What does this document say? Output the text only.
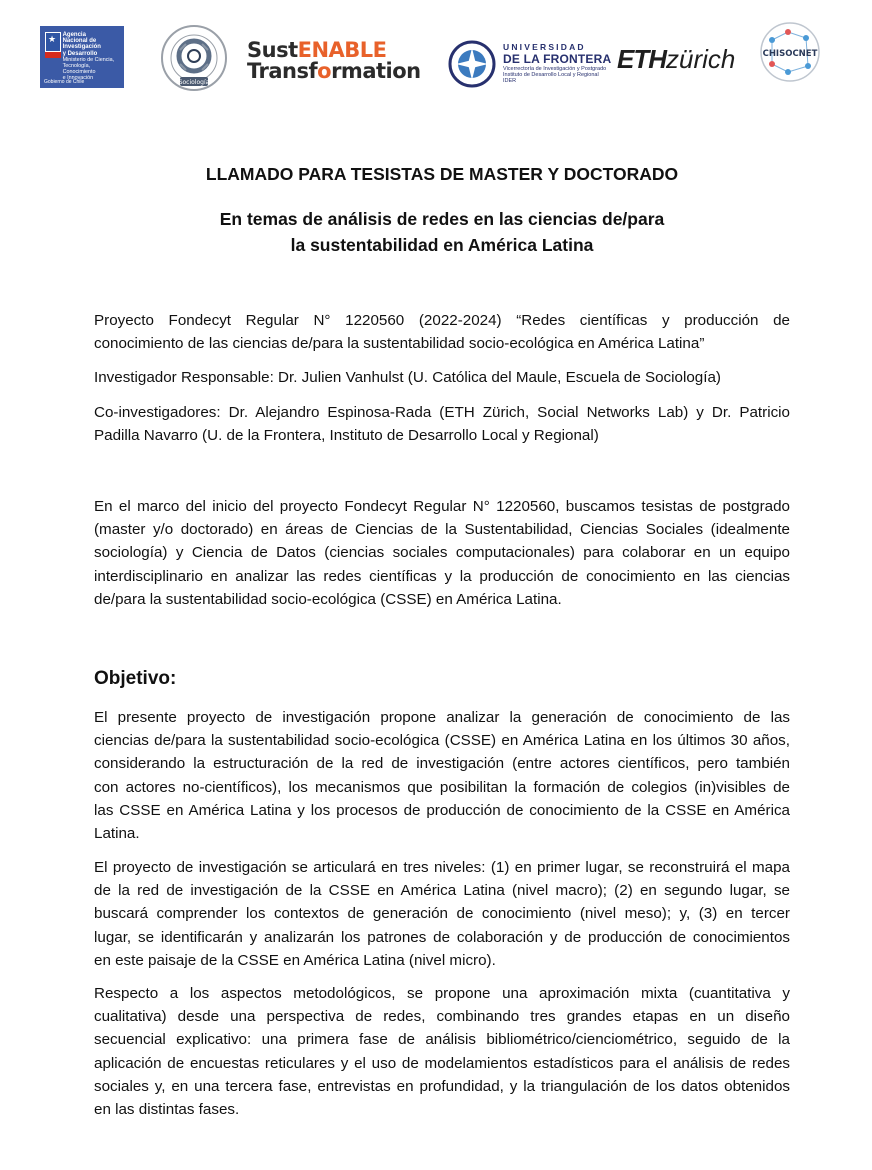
★ Agencia
Nacional de
Investigación
y Desarrollo
Ministerio de Ciencia,
Tecnología, Conocimiento
e Innovación
Gobierno de Chile	Sociología
SustENABLE
Transformation
UNIVERSIDAD
DE LA FRONTERA
Vicerrectoría de Investigación y Postgrado
Instituto de Desarrollo Local y Regional
IDER
ETHzürich	CHISOCNET
LLAMADO PARA TESISTAS DE MASTER Y DOCTORADO
En temas de análisis de redes en las ciencias de/para
la sustentabilidad en América Latina
Proyecto Fondecyt Regular N° 1220560 (2022-2024) “Redes científicas y producción de
conocimiento de las ciencias de/para la sustentabilidad socio-ecológica en América Latina”
Investigador Responsable: Dr. Julien Vanhulst (U. Católica del Maule, Escuela de Sociología)
Co-investigadores: Dr. Alejandro Espinosa-Rada (ETH Zürich, Social Networks Lab) y Dr. Patricio
Padilla Navarro (U. de la Frontera, Instituto de Desarrollo Local y Regional)
En el marco del inicio del proyecto Fondecyt Regular N° 1220560, buscamos tesistas de postgrado
(master y/o doctorado) en áreas de Ciencias de la Sustentabilidad, Ciencias Sociales (idealmente
sociología) y Ciencia de Datos (ciencias sociales computacionales) para colaborar en un equipo
interdisciplinario en analizar las redes científicas y la producción de conocimiento en las ciencias
de/para la sustentabilidad socio-ecológica (CSSE) en América Latina.
Objetivo:
El presente proyecto de investigación propone analizar la generación de conocimiento de las
ciencias de/para la sustentabilidad socio-ecológica (CSSE) en América Latina en los últimos 30 años,
considerando la estructuración de la red de investigación (entre actores científicos, pero también
con actores no-científicos), los mecanismos que posibilitan la formación de colegios (in)visibles de
las CSSE en América Latina y los procesos de producción de conocimiento de la CSSE en América
Latina.
El proyecto de investigación se articulará en tres niveles: (1) en primer lugar, se reconstruirá el mapa
de la red de investigación de la CSSE en América Latina (nivel macro); (2) en segundo lugar, se
buscará comprender los contextos de generación de conocimiento (nivel meso); y, (3) en tercer
lugar, se identificarán y analizarán los patrones de colaboración y de producción de conocimientos
en este paisaje de la CSSE en América Latina (nivel micro).
Respecto a los aspectos metodológicos, se propone una aproximación mixta (cuantitativa y
cualitativa) desde una perspectiva de redes, combinando tres grandes etapas en un diseño
secuencial explicativo: una primera fase de análisis bibliométrico/cienciométrico, seguido de la
aplicación de encuestas reticulares y el uso de modelamientos estadísticos para el análisis de redes
sociales y, en una tercera fase, entrevistas en profundidad, y la triangulación de los datos obtenidos
en las distintas fases.
